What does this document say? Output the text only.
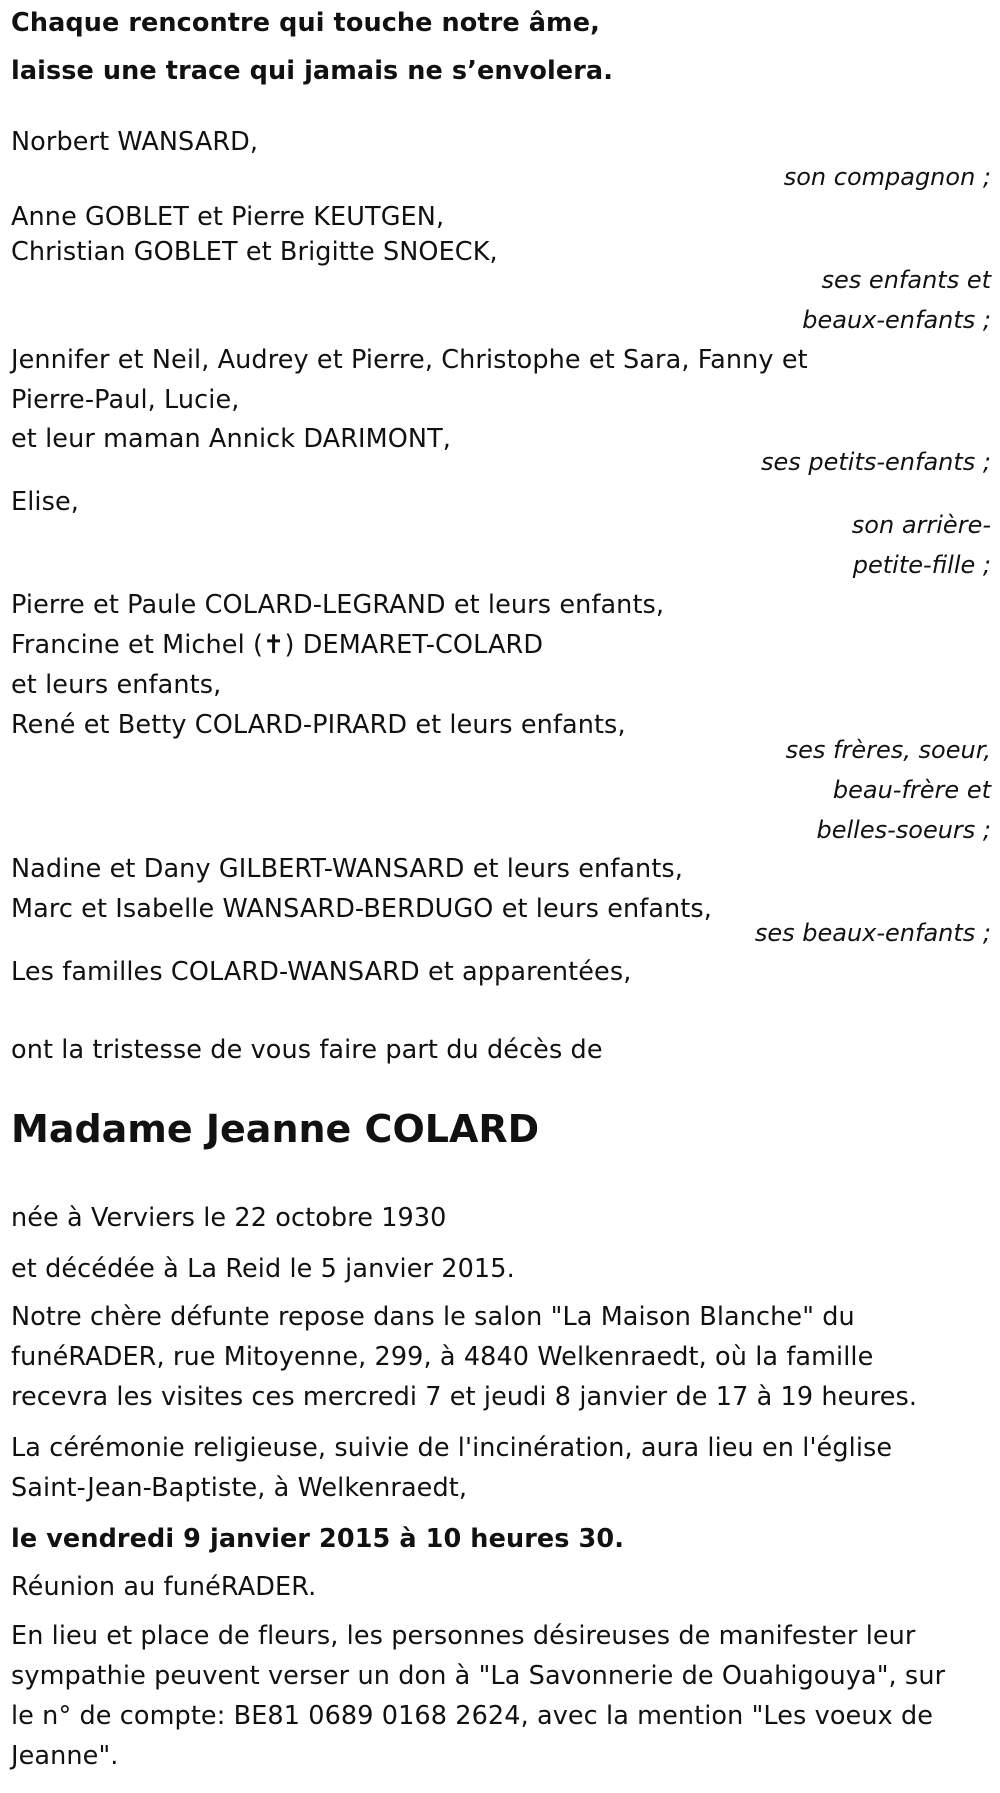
Chaque rencontre qui touche notre âme,
laisse une trace qui jamais ne s’envolera.
Norbert WANSARD,
son compagnon ;
Anne GOBLET et Pierre KEUTGEN,
Christian GOBLET et Brigitte SNOECK,
ses enfants et
beaux-enfants ;
Jennifer et Neil, Audrey et Pierre, Christophe et Sara, Fanny et
Pierre-Paul, Lucie,
et leur maman Annick DARIMONT,
ses petits-enfants ;
Elise,
son arrière-
petite-fille ;
Pierre et Paule COLARD-LEGRAND et leurs enfants,
Francine et Michel (✝) DEMARET-COLARD
et leurs enfants,
René et Betty COLARD-PIRARD et leurs enfants,
ses frères, soeur,
beau-frère et
belles-soeurs ;
Nadine et Dany GILBERT-WANSARD et leurs enfants,
Marc et Isabelle WANSARD-BERDUGO et leurs enfants,
ses beaux-enfants ;
Les familles COLARD-WANSARD et apparentées,
ont la tristesse de vous faire part du décès de
Madame Jeanne COLARD
née à Verviers le 22 octobre 1930
et décédée à La Reid le 5 janvier 2015.
Notre chère défunte repose dans le salon "La Maison Blanche" du
funéRADER, rue Mitoyenne, 299, à 4840 Welkenraedt, où la famille
recevra les visites ces mercredi 7 et jeudi 8 janvier de 17 à 19 heures.
La cérémonie religieuse, suivie de l'incinération, aura lieu en l'église
Saint-Jean-Baptiste, à Welkenraedt,
le vendredi 9 janvier 2015 à 10 heures 30.
Réunion au funéRADER.
En lieu et place de fleurs, les personnes désireuses de manifester leur
sympathie peuvent verser un don à "La Savonnerie de Ouahigouya", sur
le n° de compte: BE81 0689 0168 2624, avec la mention "Les voeux de
Jeanne".
